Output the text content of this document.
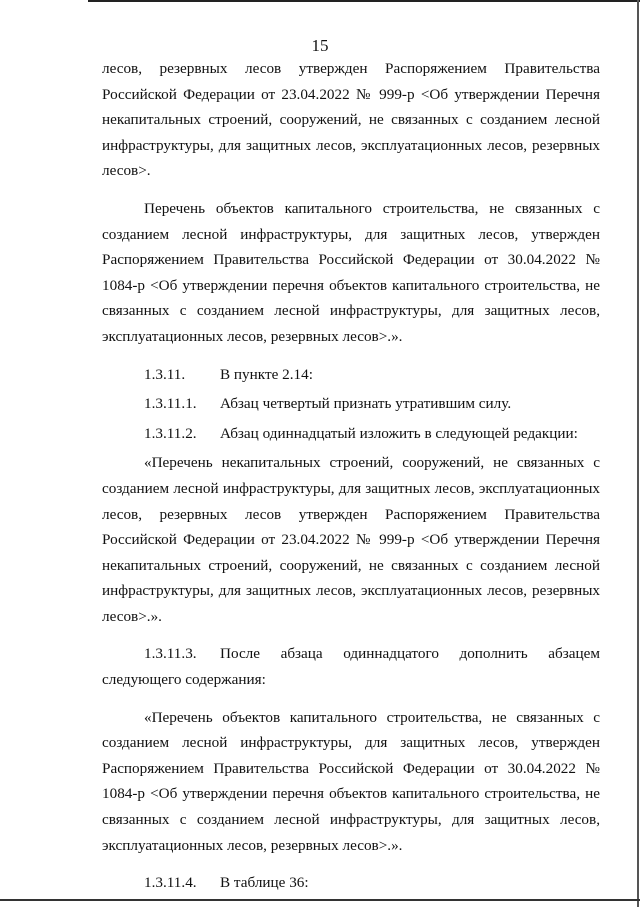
15

лесов, резервных лесов утвержден Распоряжением Правительства Российской Федерации от 23.04.2022 № 999-р <Об утверждении Перечня некапитальных строений, сооружений, не связанных с созданием лесной инфраструктуры, для защитных лесов, эксплуатационных лесов, резервных лесов>.

Перечень объектов капитального строительства, не связанных с созданием лесной инфраструктуры, для защитных лесов, утвержден Распоряжением Правительства Российской Федерации от 30.04.2022 № 1084-р <Об утверждении перечня объектов капитального строительства, не связанных с созданием лесной инфраструктуры, для защитных лесов, эксплуатационных лесов, резервных лесов>.».

1.3.11. В пункте 2.14:

1.3.11.1. Абзац четвертый признать утратившим силу.

1.3.11.2. Абзац одиннадцатый изложить в следующей редакции:

«Перечень некапитальных строений, сооружений, не связанных с созданием лесной инфраструктуры, для защитных лесов, эксплуатационных лесов, резервных лесов утвержден Распоряжением Правительства Российской Федерации от 23.04.2022 № 999-р <Об утверждении Перечня некапитальных строений, сооружений, не связанных с созданием лесной инфраструктуры, для защитных лесов, эксплуатационных лесов, резервных лесов>.».

1.3.11.3. После абзаца одиннадцатого дополнить абзацем следующего содержания:

«Перечень объектов капитального строительства, не связанных с созданием лесной инфраструктуры, для защитных лесов, утвержден Распоряжением Правительства Российской Федерации от 30.04.2022 № 1084-р <Об утверждении перечня объектов капитального строительства, не связанных с созданием лесной инфраструктуры, для защитных лесов, эксплуатационных лесов, резервных лесов>.».

1.3.11.4. В таблице 36:
